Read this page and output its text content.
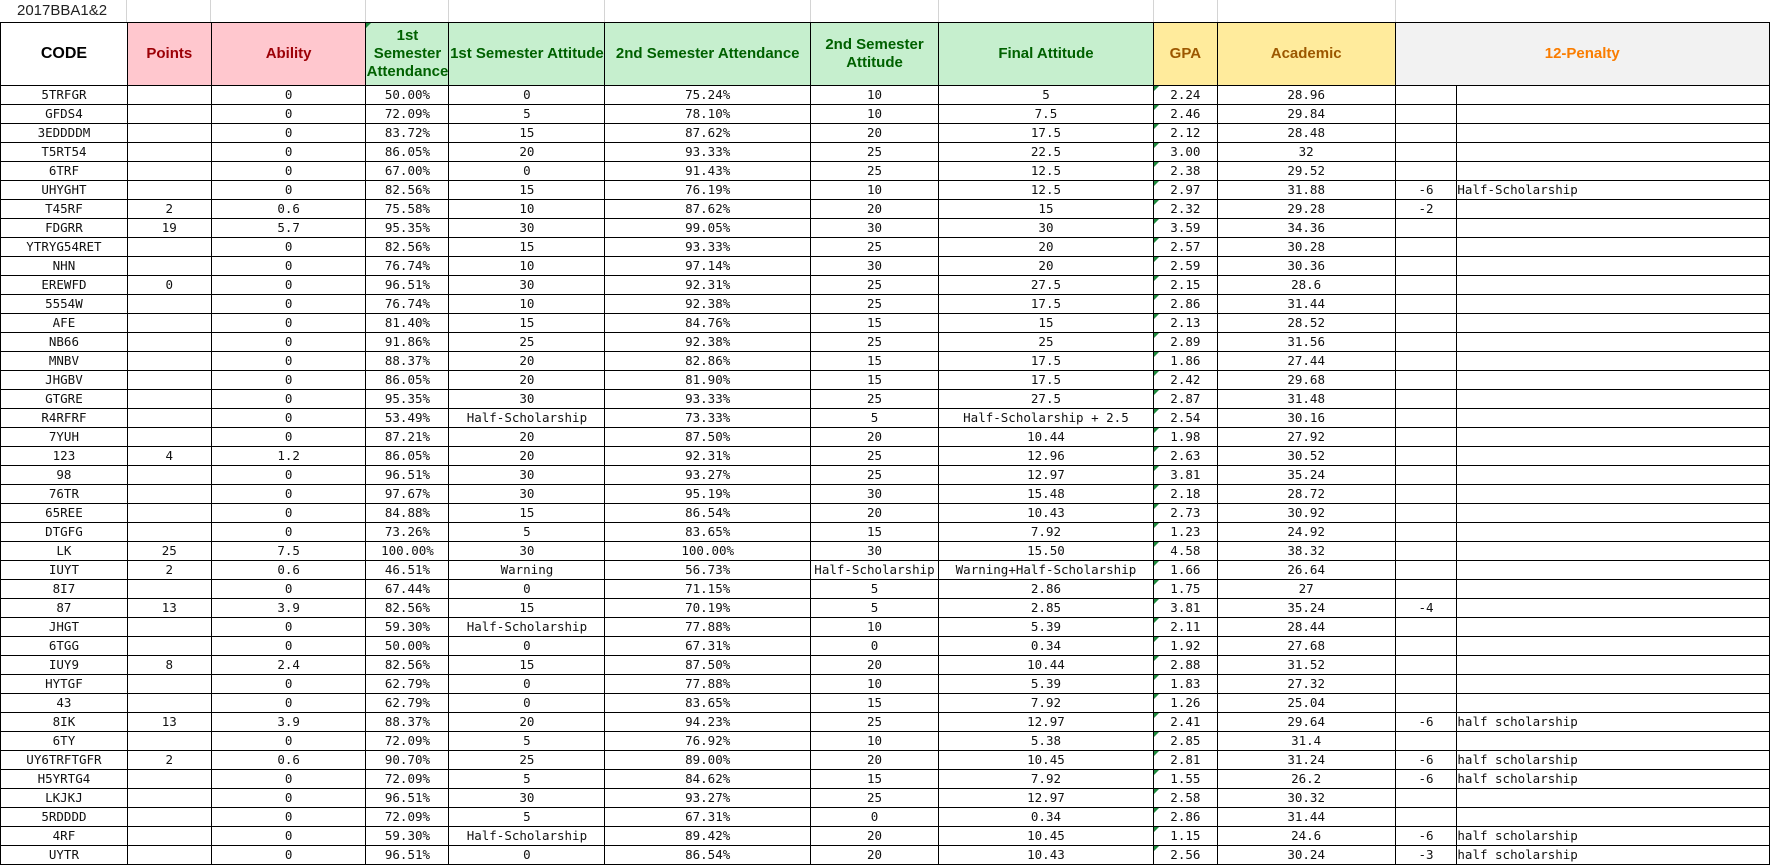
2017BBA1&2
CODE	Points	Ability	1st Semester Attendance	1st Semester Attitude	2nd Semester Attendance	2nd Semester Attitude	Final Attitude	GPA	Academic	12-Penalty	
5TRFGR		0	50.00%	0	75.24%	10	5	2.24	28.96		
GFDS4		0	72.09%	5	78.10%	10	7.5	2.46	29.84		
3EDDDDM		0	83.72%	15	87.62%	20	17.5	2.12	28.48		
T5RT54		0	86.05%	20	93.33%	25	22.5	3.00	32		
6TRF		0	67.00%	0	91.43%	25	12.5	2.38	29.52		
UHYGHT		0	82.56%	15	76.19%	10	12.5	2.97	31.88	-6	Half-Scholarship
T45RF	2	0.6	75.58%	10	87.62%	20	15	2.32	29.28	-2	
FDGRR	19	5.7	95.35%	30	99.05%	30	30	3.59	34.36		
YTRYG54RET		0	82.56%	15	93.33%	25	20	2.57	30.28		
NHN		0	76.74%	10	97.14%	30	20	2.59	30.36		
EREWFD	0	0	96.51%	30	92.31%	25	27.5	2.15	28.6		
5554W		0	76.74%	10	92.38%	25	17.5	2.86	31.44		
AFE		0	81.40%	15	84.76%	15	15	2.13	28.52		
NB66		0	91.86%	25	92.38%	25	25	2.89	31.56		
MNBV		0	88.37%	20	82.86%	15	17.5	1.86	27.44		
JHGBV		0	86.05%	20	81.90%	15	17.5	2.42	29.68		
GTGRE		0	95.35%	30	93.33%	25	27.5	2.87	31.48		
R4RFRF		0	53.49%	Half-Scholarship	73.33%	5	Half-Scholarship + 2.5	2.54	30.16		
7YUH		0	87.21%	20	87.50%	20	10.44	1.98	27.92		
123	4	1.2	86.05%	20	92.31%	25	12.96	2.63	30.52		
98		0	96.51%	30	93.27%	25	12.97	3.81	35.24		
76TR		0	97.67%	30	95.19%	30	15.48	2.18	28.72		
65REE		0	84.88%	15	86.54%	20	10.43	2.73	30.92		
DTGFG		0	73.26%	5	83.65%	15	7.92	1.23	24.92		
LK	25	7.5	100.00%	30	100.00%	30	15.50	4.58	38.32		
IUYT	2	0.6	46.51%	Warning	56.73%	Half-Scholarship	Warning+Half-Scholarship	1.66	26.64		
8I7		0	67.44%	0	71.15%	5	2.86	1.75	27		
87	13	3.9	82.56%	15	70.19%	5	2.85	3.81	35.24	-4	
JHGT		0	59.30%	Half-Scholarship	77.88%	10	5.39	2.11	28.44		
6TGG		0	50.00%	0	67.31%	0	0.34	1.92	27.68		
IUY9	8	2.4	82.56%	15	87.50%	20	10.44	2.88	31.52		
HYTGF		0	62.79%	0	77.88%	10	5.39	1.83	27.32		
43		0	62.79%	0	83.65%	15	7.92	1.26	25.04		
8IK	13	3.9	88.37%	20	94.23%	25	12.97	2.41	29.64	-6	half scholarship
6TY		0	72.09%	5	76.92%	10	5.38	2.85	31.4		
UY6TRFTGFR	2	0.6	90.70%	25	89.00%	20	10.45	2.81	31.24	-6	half scholarship
H5YRTG4		0	72.09%	5	84.62%	15	7.92	1.55	26.2	-6	half scholarship
LKJKJ		0	96.51%	30	93.27%	25	12.97	2.58	30.32		
5RDDDD		0	72.09%	5	67.31%	0	0.34	2.86	31.44		
4RF		0	59.30%	Half-Scholarship	89.42%	20	10.45	1.15	24.6	-6	half scholarship
UYTR		0	96.51%	0	86.54%	20	10.43	2.56	30.24	-3	half scholarship
